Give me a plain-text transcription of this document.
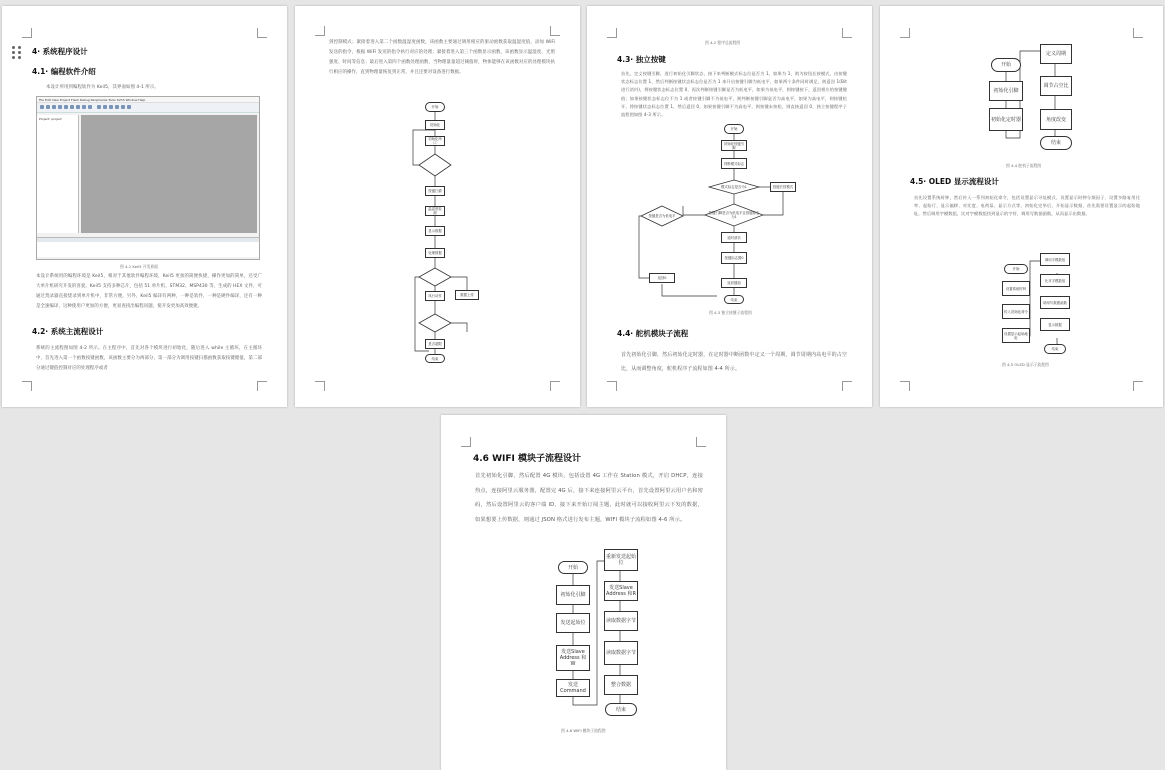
4· 系统程序设计
4.1· 编程软件介绍
本设计所用到编程软件为 Keil5，其界面如图 4-1 所示。
File Edit View Project Flash Debug Peripherals Tools SVCS Window Help
Project: project
图 4-1 Keil5 开发界面
本设计系统用的编程环境是 Keil5，相对于其他软件编程环境，Keil5 更加的简便快捷，操作更加的简单，还受广大单片机研究开发的喜爱。Keil5 支持多种芯片，包括 51 单片机、STM32、MSP430 等，生成的 HEX 文件，可通过烧录器直接烧录到单片机中，非常方便。另外，Keil5 编译有两种，一种是软件，一种是硬件编译，还有一种是全速编译，这种使用户更加的方便，更易查找出编程问题，使开发更加高效便捷。
4.2· 系统主流程设计
系统的主流程图如图 4-2 所示。在主程序中，首先对各个模块进行初始化，随后进入 while 主循环，在主循环中，首先进入第一个函数按键函数，该函数主要分为两部分，第一部分为调用按键扫描函数获取按键键值，第二部分通过键值控制对应的处理程序或者
到控制模式；紧接着进入第二个函数温湿度函数，该函数主要通过调用相应的驱动函数获取温湿度值，添加 WiFi 发送的指令，根据 WiFi 发送的指令执行对应的处理；紧接着进入第三个函数显示函数，该函数显示温湿度、光照强度、时间等信息；最后进入第四个函数处理函数，当物理量量超过阈值时，物体能够在该函数对应的处理模块执行相应的操作，直到物理量恢复到正常，并且还要对设备进行数据。
开始
初始化
初始化串口
按键扫描
温湿度检测
显示数据
处理数据
执行动作	数据上传
是否超限
结束
图 4-2 程序总流程图
4.3· 独立按键
首先，定义按键引脚，进行初始化引脚状态，接下来判断模式标志位是否为 1，如果为 1，则为按钮长按模式，由按键状态标志位置 1，然后判断按键状态标志位是否为 1 来开启按键引脚为低电平，如果两个条件同时满足，则返回 1(Bit 进行消抖)，将按键状态标志位置 0，再次判断按键引脚是否为低电平，如果为低电平，则按键按下，返回相应的按键键值；如果按键状态标志位不为 1 或者按键引脚不为低电平，则判断按键引脚是否为高电平，如果为高电平，则按键松开，将按键状态标志位置 1，然后返回 0，如果按键引脚不为高电平，则按键未按松，则直接返回 0，独立按键程序子流程图如图 4-3 所示。
开始
初始化按键引脚
判断模式标志
模式标志是否为1	按键长按模式
按键引脚是否为低电平且按键标志为1
按键是否为低电平
延时消抖
按键标志置0
返回键值
返回0
结束
图 4-3 独立按键子流程图
4.4· 舵机模块子流程
首先初始化引脚，然后初始化定时器，在定时器中断函数中定义一个周期，调节周期内高电平的占空比，从而调整角度，舵机程序子流程如图 4-4 所示。
开始
初始化引脚
初始化定时器
定义周期
调节占空比
角度改变
结束
图 4-4 舵机子流程图
4.5· OLED 显示流程设计
首先设置系统时钟，然后传入一系列初始化命令，包括设置显示寻址模式、设置显示时钟分频因子、设置多路复用比率、起始行、显示偏移、对比度、电荷泵、显示方式等，初始化完毕后，开始显示数据，首先需要设置显示的起始地址，然后调用字模数组，比对字模数组找到显示的字符，调用写数据函数，从而显示出数据。
开始
设置系统时钟
传入初始化命令
设置显示起始地址
调用字模数组
比对字模数组
调用写数据函数
显示数据
结束
图 4-5 OLED 显示子流程图
4.6 WIFI 模块子流程设计
首先初始化引脚，然后配置 4G 模块，包括设置 4G 工作在 Station 模式，开启 DHCP，连接热点，连接阿里云服务器，配置完 4G 后，接下来连接阿里云平台，首先设置阿里云用户名和密码，然后设置阿里云的客户端 ID，接下来开始订阅主题，此时就可以接收阿里云下发的数据，如果想要上传数据，则通过 JSON 格式进行发布主题，WIFI 模块子流程如图 4-6 所示。
开始
初始化引脚
发送起始位
发送Slave Address 和W
发送Command
重新发送起始位
发送Slave Address 和R
读取数据字节
读取数据字节
整合数据
结束
图 4-6 WIFI 模块子流程图
